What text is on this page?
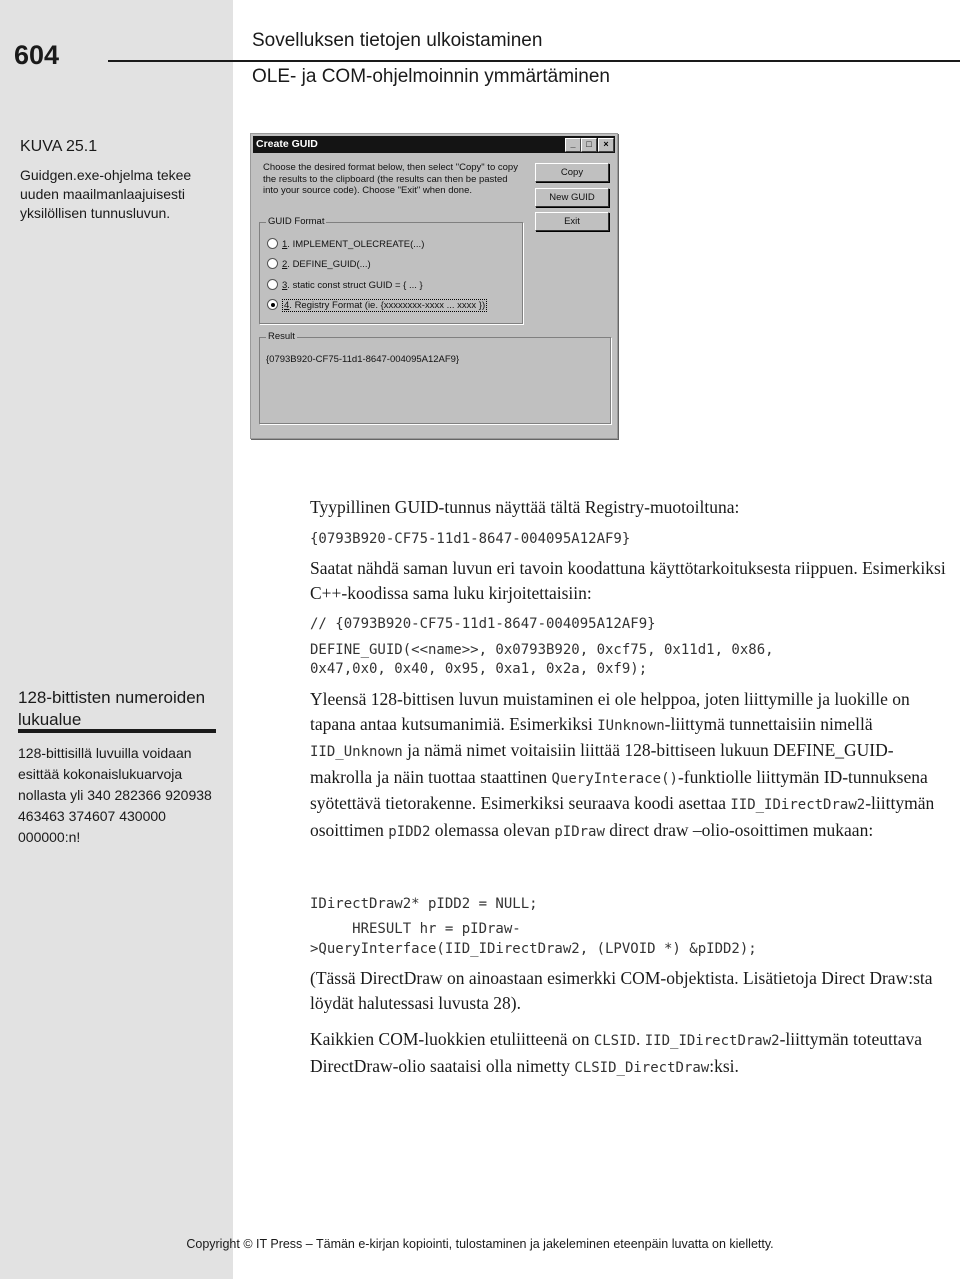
604	Sovelluksen tietojen ulkoistaminen
OLE- ja COM-ohjelmoinnin ymmärtäminen
KUVA 25.1
Guidgen.exe-ohjelma tekee uuden maailmanlaajuisesti yksilöllisen tunnusluvun.
Create GUID	_	□	×
Choose the desired format below, then select "Copy" to copy the results to the clipboard (the results can then be pasted into your source code). Choose "Exit" when done.
Copy
New GUID
Exit
GUID Format
1. IMPLEMENT_OLECREATE(...)
2. DEFINE_GUID(...)
3. static const struct GUID = { ... }
4. Registry Format (ie. {xxxxxxxx-xxxx ... xxxx })
Result
{0793B920-CF75-11d1-8647-004095A12AF9}
128-bittisten numeroiden lukualue
128-bittisillä luvuilla voidaan esittää kokonaislukuarvoja nollasta yli 340 282366 920938 463463 374607 430000 000000:n!
Tyypillinen GUID-tunnus näyttää tältä Registry-muotoiltuna:
{0793B920-CF75-11d1-8647-004095A12AF9}
Saatat nähdä saman luvun eri tavoin koodattuna käyttötarkoituksesta riippuen. Esimerkiksi C++-koodissa sama luku kirjoitettaisiin:
// {0793B920-CF75-11d1-8647-004095A12AF9}
DEFINE_GUID(<<name>>, 0x0793B920, 0xcf75, 0x11d1, 0x86,
0x47,0x0, 0x40, 0x95, 0xa1, 0x2a, 0xf9);
Yleensä 128-bittisen luvun muistaminen ei ole helppoa, joten liittymille ja luokille on tapana antaa kutsumanimiä. Esimerkiksi IUnknown-liittymä tunnettaisiin nimellä IID_Unknown ja nämä nimet voitaisiin liittää 128-bittiseen lukuun DEFINE_GUID-makrolla ja näin tuottaa staattinen QueryInterace()-funktiolle liittymän ID-tunnuksena syötettävä tietorakenne. Esimerkiksi seuraava koodi asettaa IID_IDirectDraw2-liittymän osoittimen pIDD2 olemassa olevan pIDraw direct draw –olio-osoittimen mukaan:
IDirectDraw2* pIDD2 = NULL;
HRESULT hr = pIDraw-
>QueryInterface(IID_IDirectDraw2, (LPVOID *) &pIDD2);
(Tässä DirectDraw on ainoastaan esimerkki COM-objektista. Lisätietoja Direct Draw:sta löydät halutessasi luvusta 28).
Kaikkien COM-luokkien etuliitteenä on CLSID. IID_IDirectDraw2-liittymän toteuttava DirectDraw-olio saataisi olla nimetty CLSID_DirectDraw:ksi.
Copyright © IT Press – Tämän e-kirjan kopiointi, tulostaminen ja jakeleminen eteenpäin luvatta on kielletty.
